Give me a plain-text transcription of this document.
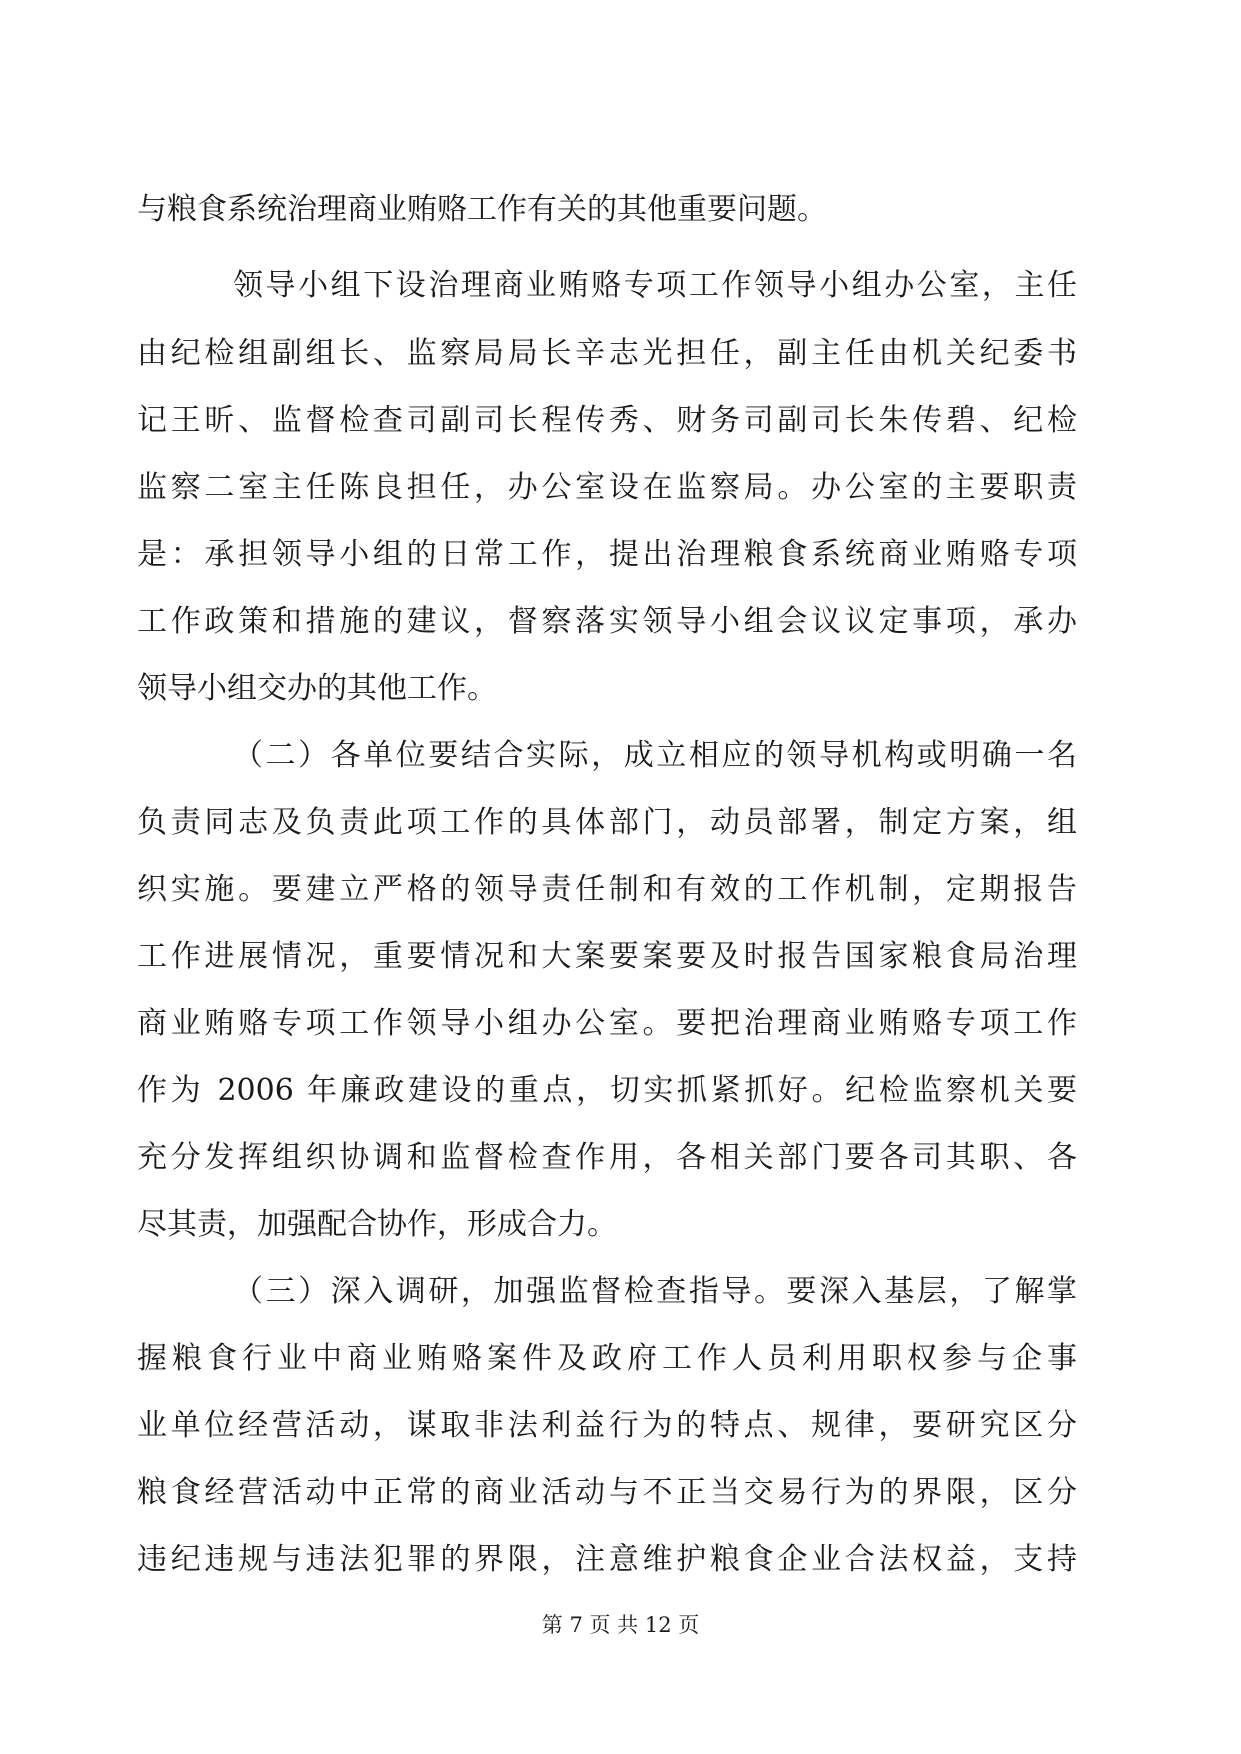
与粮食系统治理商业贿赂工作有关的其他重要问题。
领导小组下设治理商业贿赂专项工作领导小组办公室，主任
由纪检组副组长、监察局局长辛志光担任，副主任由机关纪委书
记王昕、监督检查司副司长程传秀、财务司副司长朱传碧、纪检
监察二室主任陈良担任，办公室设在监察局。办公室的主要职责
是：承担领导小组的日常工作，提出治理粮食系统商业贿赂专项
工作政策和措施的建议，督察落实领导小组会议议定事项，承办
领导小组交办的其他工作。
（二）各单位要结合实际，成立相应的领导机构或明确一名
负责同志及负责此项工作的具体部门，动员部署，制定方案，组
织实施。要建立严格的领导责任制和有效的工作机制，定期报告
工作进展情况，重要情况和大案要案要及时报告国家粮食局治理
商业贿赂专项工作领导小组办公室。要把治理商业贿赂专项工作
作为 2006 年廉政建设的重点，切实抓紧抓好。纪检监察机关要
充分发挥组织协调和监督检查作用，各相关部门要各司其职、各
尽其责，加强配合协作，形成合力。
（三）深入调研，加强监督检查指导。要深入基层，了解掌
握粮食行业中商业贿赂案件及政府工作人员利用职权参与企事
业单位经营活动，谋取非法利益行为的特点、规律，要研究区分
粮食经营活动中正常的商业活动与不正当交易行为的界限，区分
违纪违规与违法犯罪的界限，注意维护粮食企业合法权益，支持
第 7 页 共 12 页
